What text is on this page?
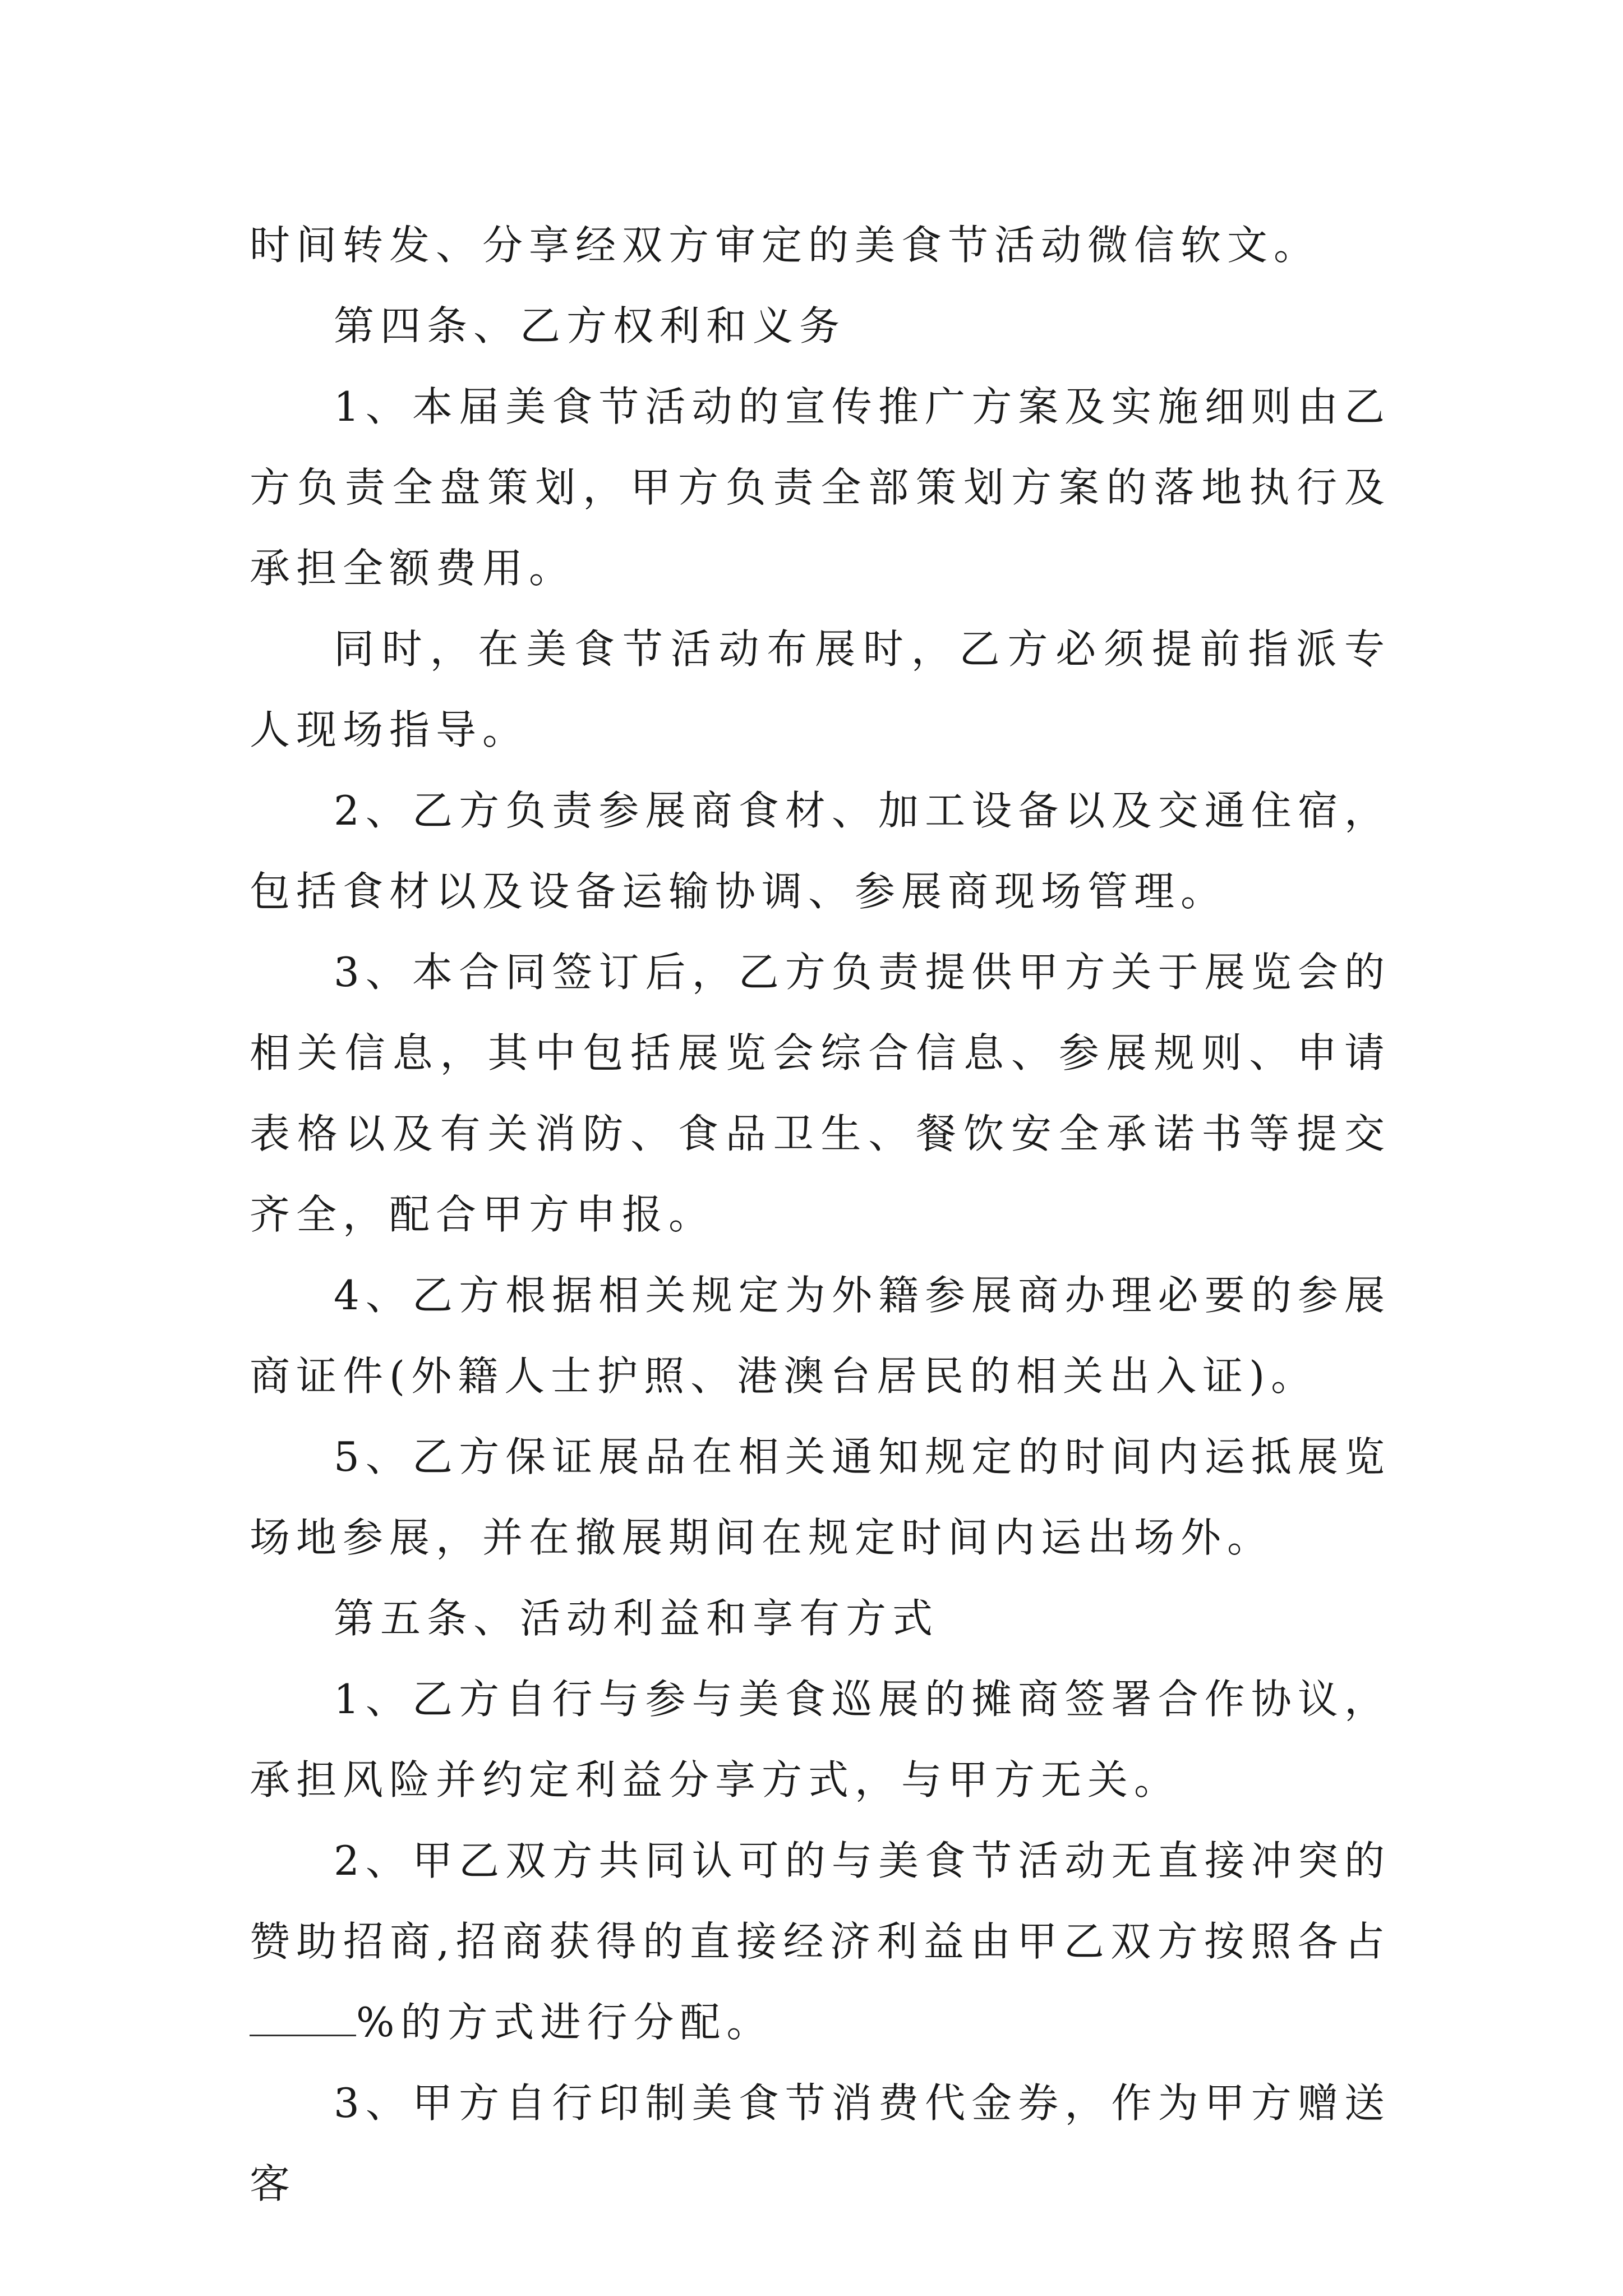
时间转发、分享经双方审定的美食节活动微信软文。

第四条、乙方权利和义务

1、本届美食节活动的宣传推广方案及实施细则由乙方负责全盘策划，甲方负责全部策划方案的落地执行及承担全额费用。

同时，在美食节活动布展时，乙方必须提前指派专人现场指导。

2、乙方负责参展商食材、加工设备以及交通住宿，包括食材以及设备运输协调、参展商现场管理。

3、本合同签订后，乙方负责提供甲方关于展览会的相关信息，其中包括展览会综合信息、参展规则、申请表格以及有关消防、食品卫生、餐饮安全承诺书等提交齐全，配合甲方申报。

4、乙方根据相关规定为外籍参展商办理必要的参展商证件(外籍人士护照、港澳台居民的相关出入证)。

5、乙方保证展品在相关通知规定的时间内运抵展览场地参展，并在撤展期间在规定时间内运出场外。

第五条、活动利益和享有方式

1、乙方自行与参与美食巡展的摊商签署合作协议，承担风险并约定利益分享方式，与甲方无关。

2、甲乙双方共同认可的与美食节活动无直接冲突的赞助招商,招商获得的直接经济利益由甲乙双方按照各占%的方式进行分配。

3、甲方自行印制美食节消费代金券，作为甲方赠送客
